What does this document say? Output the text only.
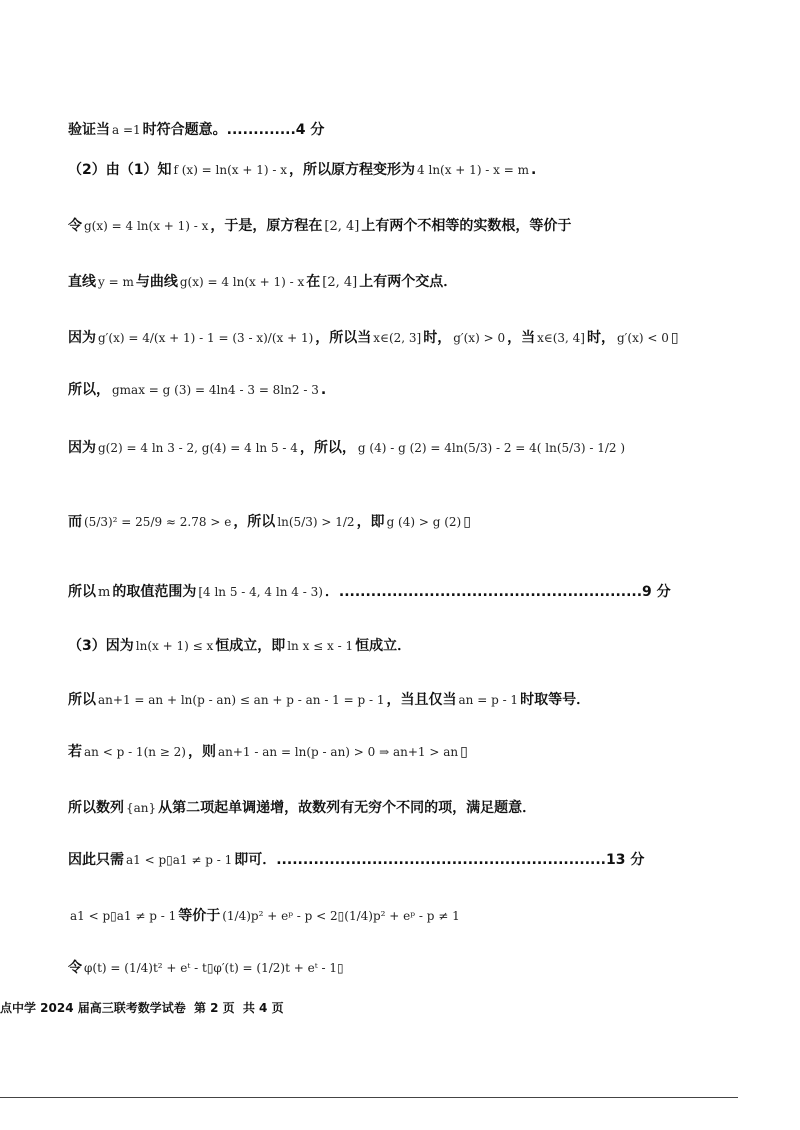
验证当 a =1 时符合题意。.............4 分
（2）由（1）知 f (x) = ln(x + 1) - x ，所以原方程变形为 4 ln(x + 1) - x = m .
令 g(x) = 4 ln(x + 1) - x ，于是，原方程在 [2, 4] 上有两个不相等的实数根，等价于
直线 y = m 与曲线 g(x) = 4 ln(x + 1) - x 在 [2, 4] 上有两个交点．
因为 g′(x) = 4/(x + 1) - 1 = (3 - x)/(x + 1) ，所以当 x∈(2, 3] 时， g′(x) > 0 ，当 x∈(3, 4] 时， g′(x) < 0 ▯
所以， gmax = g (3) = 4ln4 - 3 = 8ln2 - 3 .
因为 g(2) = 4 ln 3 - 2, g(4) = 4 ln 5 - 4 ，所以， g (4) - g (2) = 4ln(5/3) - 2 = 4( ln(5/3) - 1/2 )
而 (5/3)² = 25/9 ≈ 2.78 > e ，所以 ln(5/3) > 1/2 ，即 g (4) > g (2) ▯
所以 m 的取值范围为 [4 ln 5 - 4, 4 ln 4 - 3) ．.........................................................9 分
（3）因为 ln(x + 1) ≤ x 恒成立，即 ln x ≤ x - 1 恒成立．
所以 an+1 = an + ln(p - an) ≤ an + p - an - 1 = p - 1 ，当且仅当 an = p - 1 时取等号．
若 an < p - 1(n ≥ 2) ，则 an+1 - an = ln(p - an) > 0 ⇒ an+1 > an ▯
所以数列 {an} 从第二项起单调递增，故数列有无穷个不同的项，满足题意．
因此只需 a1 < p▯a1 ≠ p - 1 即可．..............................................................13 分
a1 < p▯a1 ≠ p - 1 等价于 (1/4)p² + eᵖ - p < 2▯(1/4)p² + eᵖ - p ≠ 1
令 φ(t) = (1/4)t² + eᵗ - t▯φ′(t) = (1/2)t + eᵗ - 1▯
点中学 2024 届高三联考数学试卷 第 2 页 共 4 页
